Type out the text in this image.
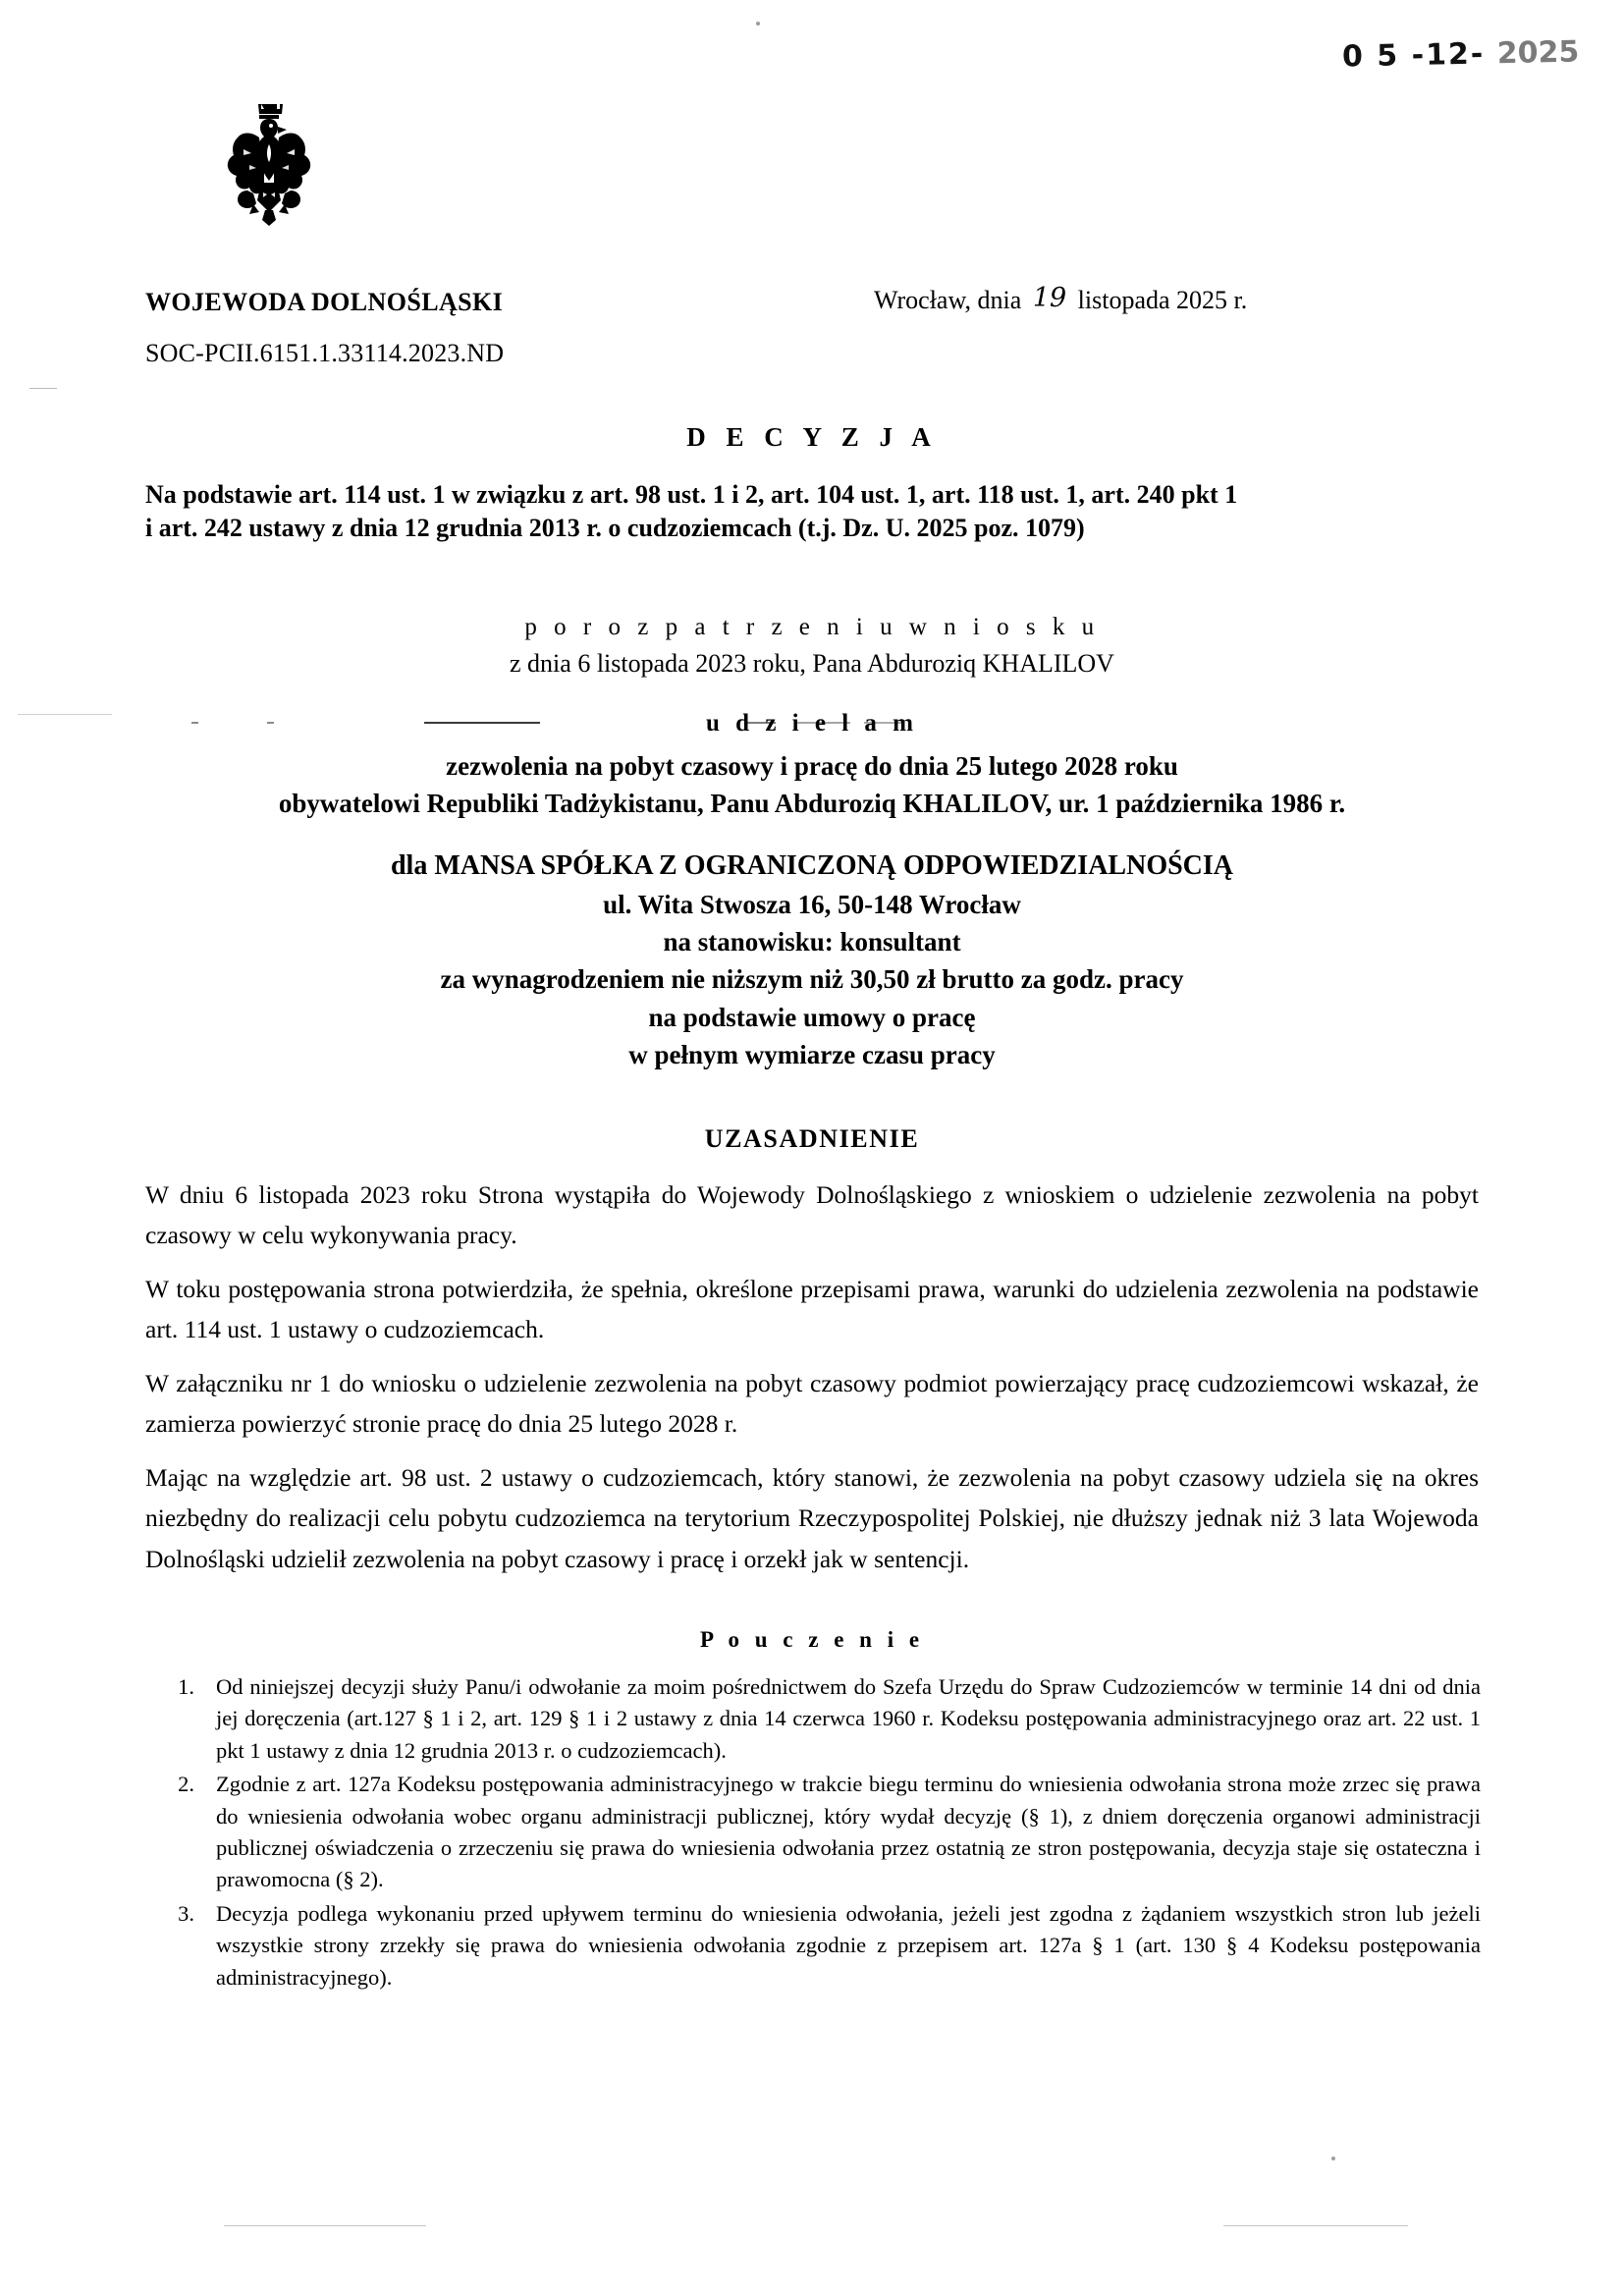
0 5 -12- 2025
WOJEWODA DOLNOŚLĄSKI	Wrocław, dnia 19 listopada 2025 r.
SOC-PCII.6151.1.33114.2023.ND
D E C Y Z J A
Na podstawie art. 114 ust. 1 w związku z art. 98 ust. 1 i 2, art. 104 ust. 1, art. 118 ust. 1, art. 240 pkt 1
i art. 242 ustawy z dnia 12 grudnia 2013 r. o cudzoziemcach (t.j. Dz. U. 2025 poz. 1079)
p o r o z p a t r z e n i u w n i o s k u
z dnia 6 listopada 2023 roku, Pana Abduroziq KHALILOV
u d z i e l a m
zezwolenia na pobyt czasowy i pracę do dnia 25 lutego 2028 roku
obywatelowi Republiki Tadżykistanu, Panu Abduroziq KHALILOV, ur. 1 października 1986 r.
dla MANSA SPÓŁKA Z OGRANICZONĄ ODPOWIEDZIALNOŚCIĄ
ul. Wita Stwosza 16, 50-148 Wrocław
na stanowisku: konsultant
za wynagrodzeniem nie niższym niż 30,50 zł brutto za godz. pracy
na podstawie umowy o pracę
w pełnym wymiarze czasu pracy
UZASADNIENIE
W dniu 6 listopada 2023 roku Strona wystąpiła do Wojewody Dolnośląskiego z wnioskiem o udzielenie zezwolenia na pobyt czasowy w celu wykonywania pracy.
W toku postępowania strona potwierdziła, że spełnia, określone przepisami prawa, warunki do udzielenia zezwolenia na podstawie art. 114 ust. 1 ustawy o cudzoziemcach.
W załączniku nr 1 do wniosku o udzielenie zezwolenia na pobyt czasowy podmiot powierzający pracę cudzoziemcowi wskazał, że zamierza powierzyć stronie pracę do dnia 25 lutego 2028 r.
Mając na względzie art. 98 ust. 2 ustawy o cudzoziemcach, który stanowi, że zezwolenia na pobyt czasowy udziela się na okres niezbędny do realizacji celu pobytu cudzoziemca na terytorium Rzeczypospolitej Polskiej, nie dłuższy jednak niż 3 lata Wojewoda Dolnośląski udzielił zezwolenia na pobyt czasowy i pracę i orzekł jak w sentencji.
P o u c z e n i e
1. Od niniejszej decyzji służy Panu/i odwołanie za moim pośrednictwem do Szefa Urzędu do Spraw Cudzoziemców w terminie 14 dni od dnia jej doręczenia (art.127 § 1 i 2, art. 129 § 1 i 2 ustawy z dnia 14 czerwca 1960 r. Kodeksu postępowania administracyjnego oraz art. 22 ust. 1 pkt 1 ustawy z dnia 12 grudnia 2013 r. o cudzoziemcach).
2. Zgodnie z art. 127a Kodeksu postępowania administracyjnego w trakcie biegu terminu do wniesienia odwołania strona może zrzec się prawa do wniesienia odwołania wobec organu administracji publicznej, który wydał decyzję (§ 1), z dniem doręczenia organowi administracji publicznej oświadczenia o zrzeczeniu się prawa do wniesienia odwołania przez ostatnią ze stron postępowania, decyzja staje się ostateczna i prawomocna (§ 2).
3. Decyzja podlega wykonaniu przed upływem terminu do wniesienia odwołania, jeżeli jest zgodna z żądaniem wszystkich stron lub jeżeli wszystkie strony zrzekły się prawa do wniesienia odwołania zgodnie z przepisem art. 127a § 1 (art. 130 § 4 Kodeksu postępowania administracyjnego).
